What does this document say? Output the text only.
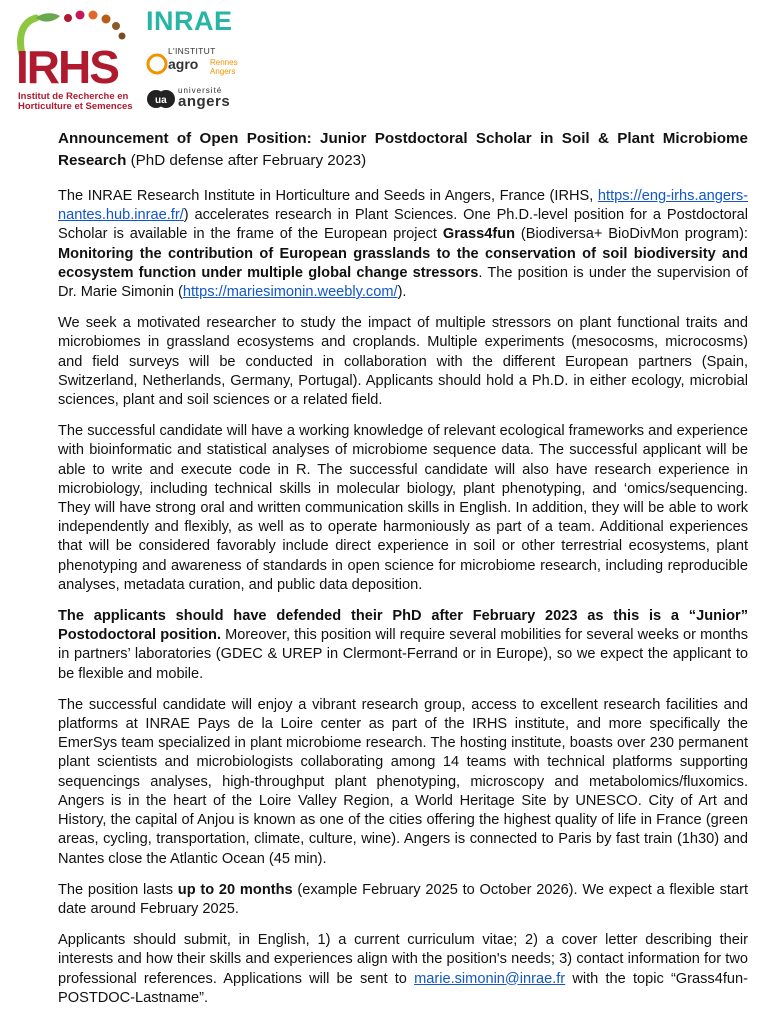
IRHS
Institut de Recherche en
Horticulture et Semences
INRAE
L'INSTITUT
agro Rennes
Angers
ua
université
angers

Announcement of Open Position: Junior Postdoctoral Scholar in Soil & Plant Microbiome Research (PhD defense after February 2023)

The INRAE Research Institute in Horticulture and Seeds in Angers, France (IRHS, https://eng-irhs.angers-nantes.hub.inrae.fr/) accelerates research in Plant Sciences. One Ph.D.-level position for a Postdoctoral Scholar is available in the frame of the European project Grass4fun (Biodiversa+ BioDivMon program): Monitoring the contribution of European grasslands to the conservation of soil biodiversity and ecosystem function under multiple global change stressors. The position is under the supervision of Dr. Marie Simonin (https://mariesimonin.weebly.com/).

We seek a motivated researcher to study the impact of multiple stressors on plant functional traits and microbiomes in grassland ecosystems and croplands. Multiple experiments (mesocosms, microcosms) and field surveys will be conducted in collaboration with the different European partners (Spain, Switzerland, Netherlands, Germany, Portugal). Applicants should hold a Ph.D. in either ecology, microbial sciences, plant and soil sciences or a related field.

The successful candidate will have a working knowledge of relevant ecological frameworks and experience with bioinformatic and statistical analyses of microbiome sequence data. The successful applicant will be able to write and execute code in R. The successful candidate will also have research experience in microbiology, including technical skills in molecular biology, plant phenotyping, and ‘omics/sequencing. They will have strong oral and written communication skills in English. In addition, they will be able to work independently and flexibly, as well as to operate harmoniously as part of a team. Additional experiences that will be considered favorably include direct experience in soil or other terrestrial ecosystems, plant phenotyping and awareness of standards in open science for microbiome research, including reproducible analyses, metadata curation, and public data deposition.

The applicants should have defended their PhD after February 2023 as this is a “Junior” Postodoctoral position. Moreover, this position will require several mobilities for several weeks or months in partners’ laboratories (GDEC & UREP in Clermont-Ferrand or in Europe), so we expect the applicant to be flexible and mobile.

The successful candidate will enjoy a vibrant research group, access to excellent research facilities and platforms at INRAE Pays de la Loire center as part of the IRHS institute, and more specifically the EmerSys team specialized in plant microbiome research. The hosting institute, boasts over 230 permanent plant scientists and microbiologists collaborating among 14 teams with technical platforms supporting sequencings analyses, high-throughput plant phenotyping, microscopy and metabolomics/fluxomics. Angers is in the heart of the Loire Valley Region, a World Heritage Site by UNESCO. City of Art and History, the capital of Anjou is known as one of the cities offering the highest quality of life in France (green areas, cycling, transportation, climate, culture, wine). Angers is connected to Paris by fast train (1h30) and Nantes close the Atlantic Ocean (45 min).

The position lasts up to 20 months (example February 2025 to October 2026). We expect a flexible start date around February 2025.

Applicants should submit, in English, 1) a current curriculum vitae; 2) a cover letter describing their interests and how their skills and experiences align with the position's needs; 3) contact information for two professional references. Applications will be sent to marie.simonin@inrae.fr with the topic “Grass4fun-POSTDOC-Lastname”.
